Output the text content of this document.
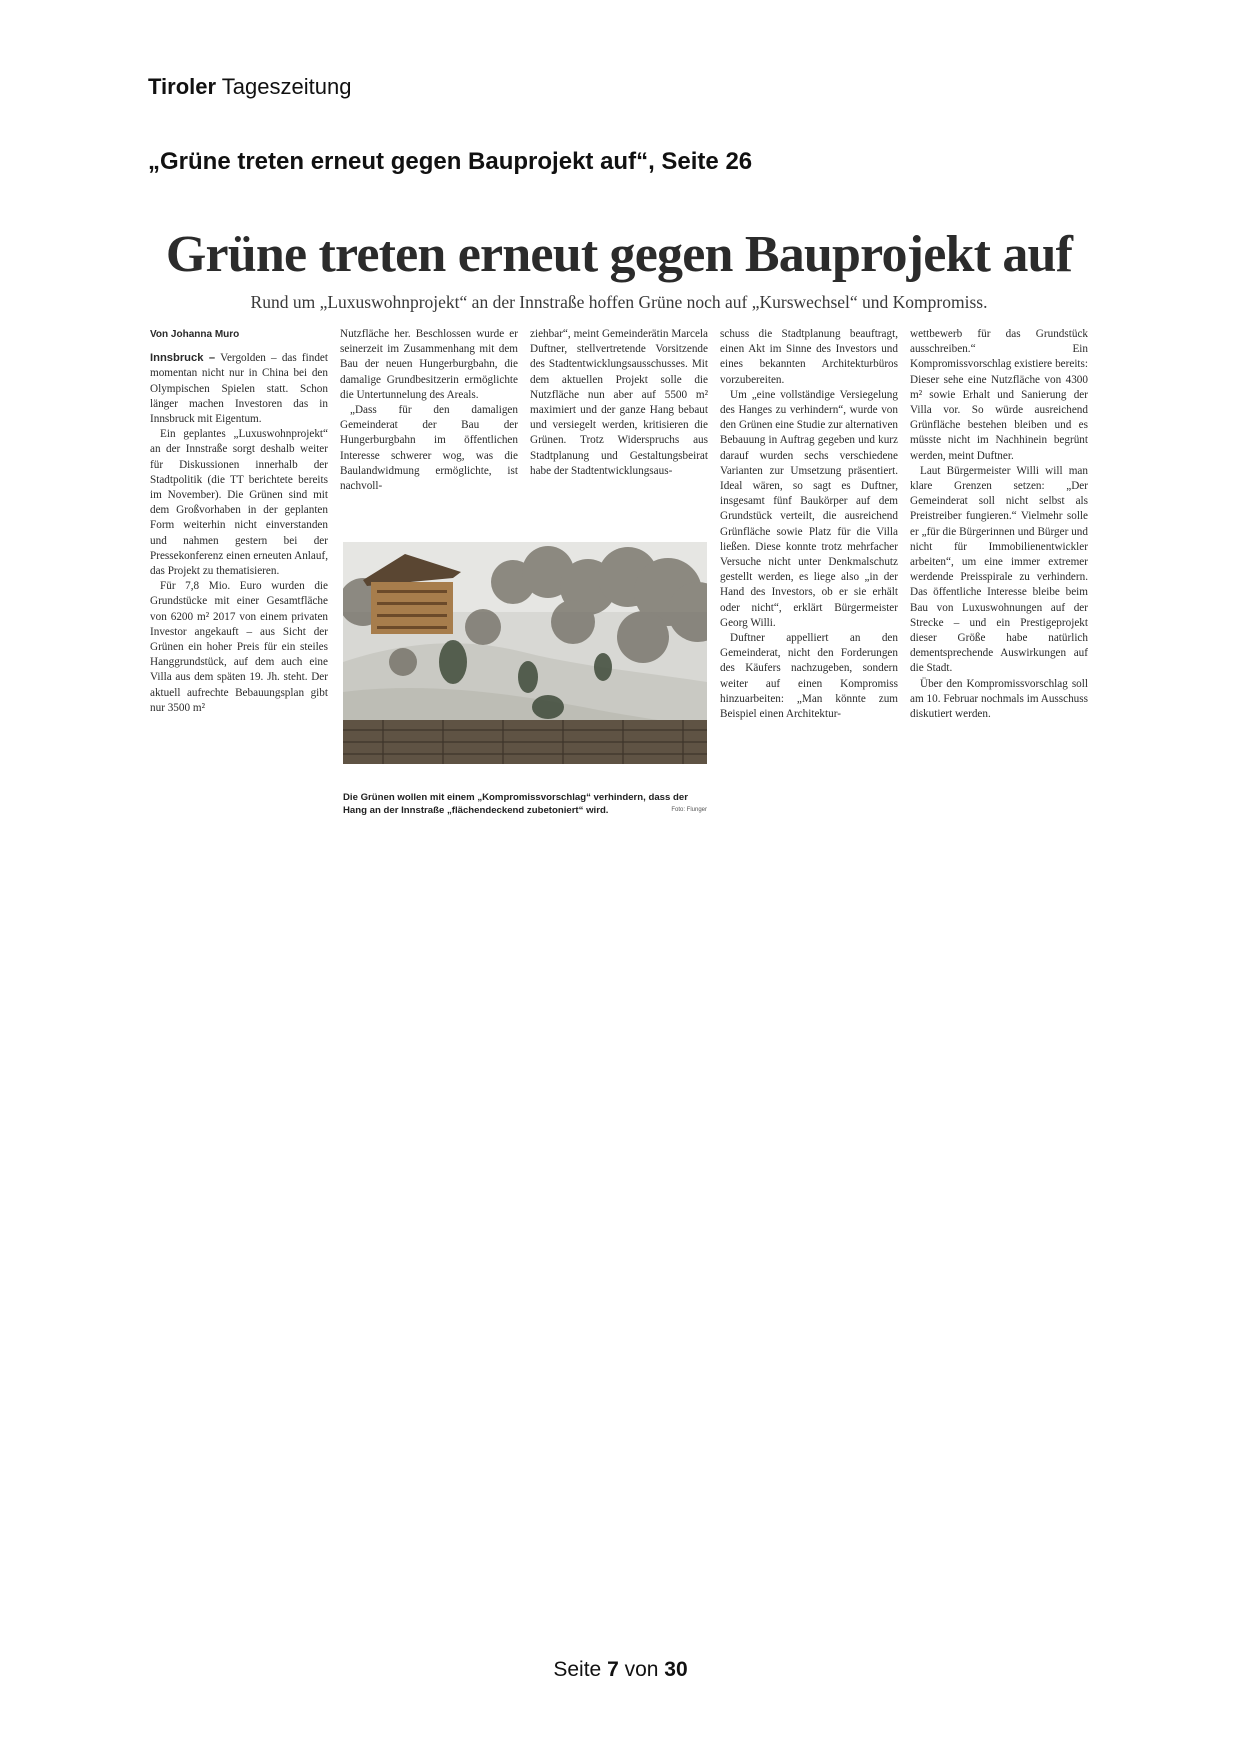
Tiroler Tageszeitung
„Grüne treten erneut gegen Bauprojekt auf“, Seite 26
Grüne treten erneut gegen Bauprojekt auf
Rund um „Luxuswohnprojekt“ an der Innstraße hoffen Grüne noch auf „Kurswechsel“ und Kompromiss.
Von Johanna Muro

Innsbruck – Vergolden – das findet momentan nicht nur in China bei den Olympischen Spielen statt. Schon länger machen Investoren das in Innsbruck mit Eigentum.

Ein geplantes „Luxuswohnprojekt“ an der Innstraße sorgt deshalb weiter für Diskussionen innerhalb der Stadtpolitik (die TT berichtete bereits im November). Die Grünen sind mit dem Großvorhaben in der geplanten Form weiterhin nicht einverstanden und nahmen gestern bei der Pressekonferenz einen erneuten Anlauf, das Projekt zu thematisieren.

Für 7,8 Mio. Euro wurden die Grundstücke mit einer Gesamtfläche von 6200 m² 2017 von einem privaten Investor angekauft – aus Sicht der Grünen ein hoher Preis für ein steiles Hanggrundstück, auf dem auch eine Villa aus dem späten 19. Jh. steht. Der aktuell aufrechte Bebauungsplan gibt nur 3500 m²

Nutzfläche her. Beschlossen wurde er seinerzeit im Zusammenhang mit dem Bau der neuen Hungerburgbahn, die damalige Grundbesitzerin ermöglichte die Untertunnelung des Areals.

„Dass für den damaligen Gemeinderat der Bau der Hungerburgbahn im öffentlichen Interesse schwerer wog, was die Baulandwidmung ermöglichte, ist nachvoll-

ziehbar“, meint Gemeinderätin Marcela Duftner, stellvertretende Vorsitzende des Stadtentwicklungsausschusses. Mit dem aktuellen Projekt solle die Nutzfläche nun aber auf 5500 m² maximiert und der ganze Hang bebaut und versiegelt werden, kritisieren die Grünen. Trotz Widerspruchs aus Stadtplanung und Gestaltungsbeirat habe der Stadtentwicklungsaus-

schuss die Stadtplanung beauftragt, einen Akt im Sinne des Investors und eines bekannten Architekturbüros vorzubereiten.

Um „eine vollständige Versiegelung des Hanges zu verhindern“, wurde von den Grünen eine Studie zur alternativen Bebauung in Auftrag gegeben und kurz darauf wurden sechs verschiedene Varianten zur Umsetzung präsentiert. Ideal wären, so sagt es Duftner, insgesamt fünf Baukörper auf dem Grundstück verteilt, die ausreichend Grünfläche sowie Platz für die Villa ließen. Diese konnte trotz mehrfacher Versuche nicht unter Denkmalschutz gestellt werden, es liege also „in der Hand des Investors, ob er sie erhält oder nicht“, erklärt Bürgermeister Georg Willi.

Duftner appelliert an den Gemeinderat, nicht den Forderungen des Käufers nachzugeben, sondern weiter auf einen Kompromiss hinzuarbeiten: „Man könnte zum Beispiel einen Architektur-

wettbewerb für das Grundstück ausschreiben.“ Ein Kompromissvorschlag existiere bereits: Dieser sehe eine Nutzfläche von 4300 m² sowie Erhalt und Sanierung der Villa vor. So würde ausreichend Grünfläche bestehen bleiben und es müsste nicht im Nachhinein begrünt werden, meint Duftner.

Laut Bürgermeister Willi will man klare Grenzen setzen: „Der Gemeinderat soll nicht selbst als Preistreiber fungieren.“ Vielmehr solle er „für die Bürgerinnen und Bürger und nicht für Immobilienentwickler arbeiten“, um eine immer extremer werdende Preisspirale zu verhindern. Das öffentliche Interesse bleibe beim Bau von Luxuswohnungen auf der Strecke – und ein Prestigeprojekt dieser Größe habe natürlich dementsprechende Auswirkungen auf die Stadt.

Über den Kompromissvorschlag soll am 10. Februar nochmals im Ausschuss diskutiert werden.

Die Grünen wollen mit einem „Kompromissvorschlag“ verhindern, dass der Hang an der Innstraße „flächendeckend zubetoniert“ wird.	Foto: Flunger
Seite 7 von 30
